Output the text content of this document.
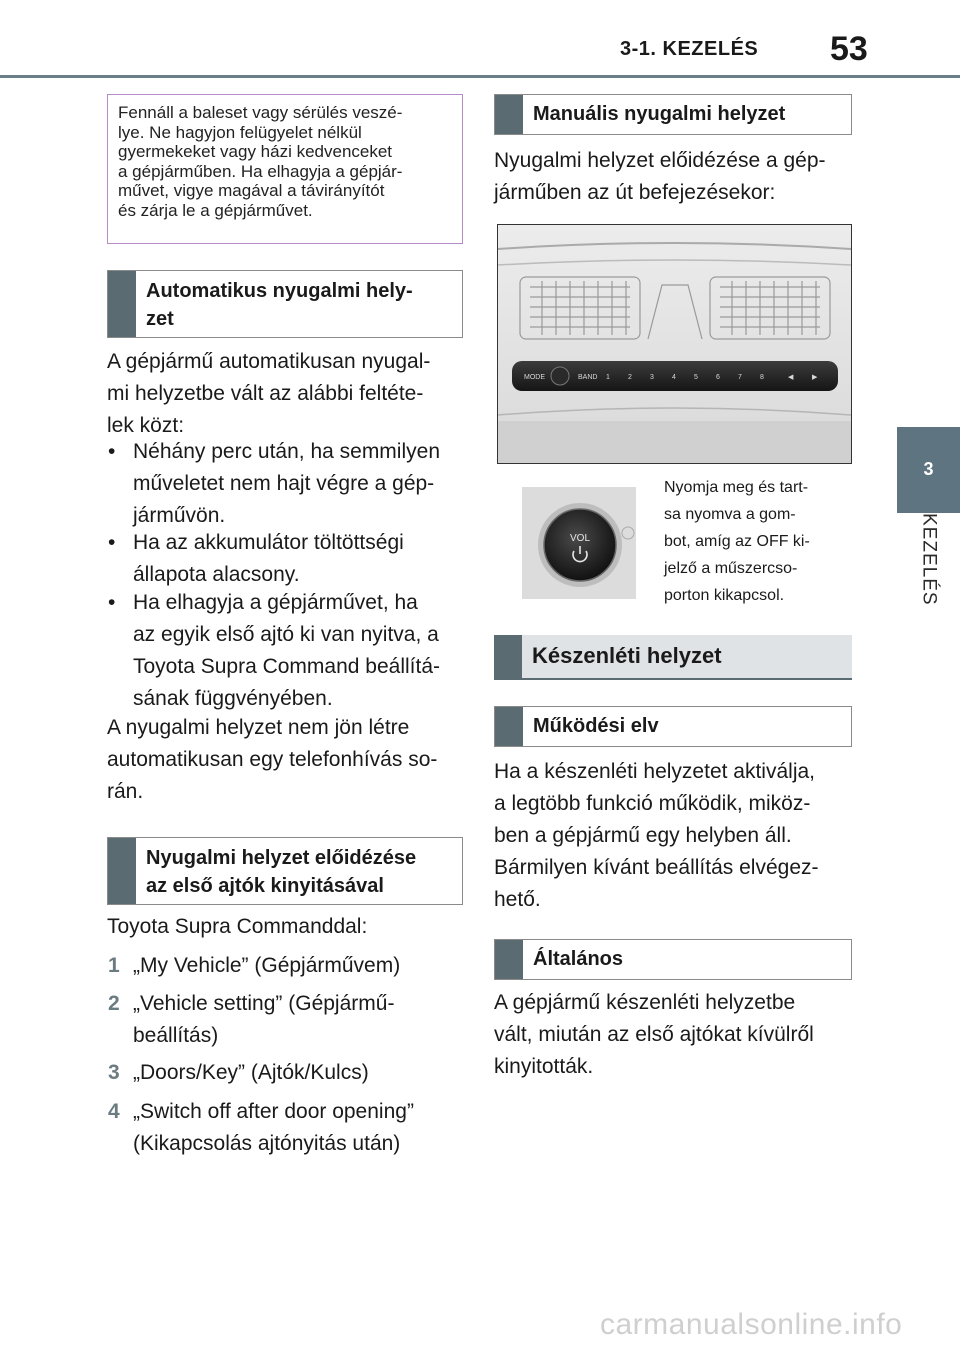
3-1. KEZELÉS 53
3
KEZELÉS

Fennáll a baleset vagy sérülés veszé-

lye. Ne hagyjon felügyelet nélkül

gyermekeket vagy házi kedvenceket

a gépjárműben. Ha elhagyja a gépjár-

művet, vigye magával a távirányítót

és zárja le a gépjárművet.

Automatikus nyugalmi hely-
zet
A gépjármű automatikusan nyugal-
mi helyzetbe vált az alábbi feltéte-
lek közt:
• Néhány perc után, ha semmilyen
műveletet nem hajt végre a gép-
járművön.
• Ha az akkumulátor töltöttségi
állapota alacsony.
• Ha elhagyja a gépjárművet, ha
az egyik első ajtó ki van nyitva, a
Toyota Supra Command beállítá-
sának függvényében.
A nyugalmi helyzet nem jön létre
automatikusan egy telefonhívás so-
rán.
Nyugalmi helyzet előidézése
az első ajtók kinyitásával
Toyota Supra Commanddal:
1 „My Vehicle” (Gépjárművem)
2 „Vehicle setting” (Gépjármű-
beállítás)
3 „Doors/Key” (Ajtók/Kulcs)
4 „Switch off after door opening”
(Kikapcsolás ajtónyitás után)
Manuális nyugalmi helyzet
Nyugalmi helyzet előidézése a gép-
járműben az út befejezésekor:
MODE	BAND 1	2	3	4	5	6	7	8	◀	▶
VOL
Nyomja meg és tart-
sa nyomva a gom-
bot, amíg az OFF ki-
jelző a műszercso-
porton kikapcsol.
Készenléti helyzet
Működési elv
Ha a készenléti helyzetet aktiválja,
a legtöbb funkció működik, miköz-
ben a gépjármű egy helyben áll.
Bármilyen kívánt beállítás elvégez-
hető.
Általános
A gépjármű készenléti helyzetbe
vált, miután az első ajtókat kívülről
kinyitották.
carmanualsonline.info
